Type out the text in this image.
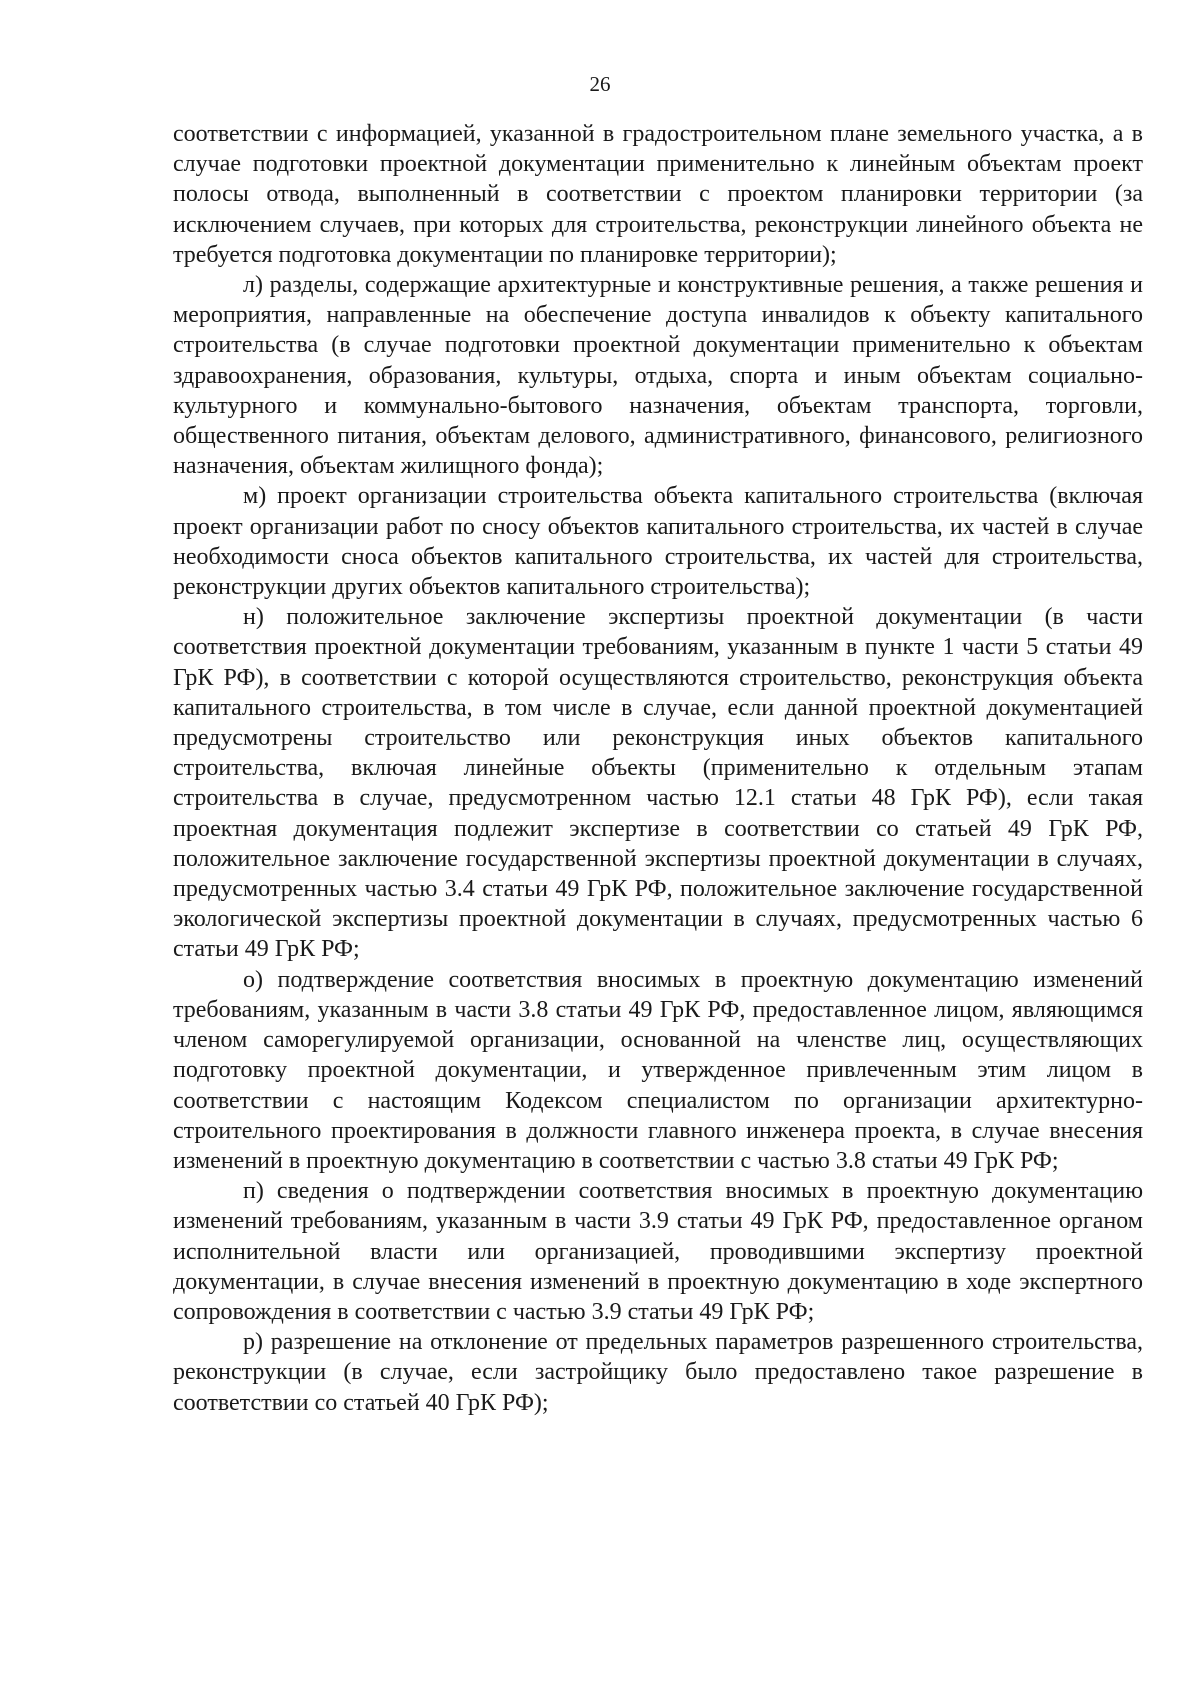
26

соответствии с информацией, указанной в градостроительном плане земельного участка, а в случае подготовки проектной документации применительно к линейным объектам проект полосы отвода, выполненный в соответствии с проектом планировки территории (за исключением случаев, при которых для строительства, реконструкции линейного объекта не требуется подготовка документации по планировке территории);

л) разделы, содержащие архитектурные и конструктивные решения, а также решения и мероприятия, направленные на обеспечение доступа инвалидов к объекту капитального строительства (в случае подготовки проектной документации применительно к объектам здравоохранения, образования, культуры, отдыха, спорта и иным объектам социально-культурного и коммунально-бытового назначения, объектам транспорта, торговли, общественного питания, объектам делового, административного, финансового, религиозного назначения, объектам жилищного фонда);

м) проект организации строительства объекта капитального строительства (включая проект организации работ по сносу объектов капитального строительства, их частей в случае необходимости сноса объектов капитального строительства, их частей для строительства, реконструкции других объектов капитального строительства);

н) положительное заключение экспертизы проектной документации (в части соответствия проектной документации требованиям, указанным в пункте 1 части 5 статьи 49 ГрК РФ), в соответствии с которой осуществляются строительство, реконструкция объекта капитального строительства, в том числе в случае, если данной проектной документацией предусмотрены строительство или реконструкция иных объектов капитального строительства, включая линейные объекты (применительно к отдельным этапам строительства в случае, предусмотренном частью 12.1 статьи 48 ГрК РФ), если такая проектная документация подлежит экспертизе в соответствии со статьей 49 ГрК РФ, положительное заключение государственной экспертизы проектной документации в случаях, предусмотренных частью 3.4 статьи 49 ГрК РФ, положительное заключение государственной экологической экспертизы проектной документации в случаях, предусмотренных частью 6 статьи 49 ГрК РФ;

о) подтверждение соответствия вносимых в проектную документацию изменений требованиям, указанным в части 3.8 статьи 49 ГрК РФ, предоставленное лицом, являющимся членом саморегулируемой организации, основанной на членстве лиц, осуществляющих подготовку проектной документации, и утвержденное привлеченным этим лицом в соответствии с настоящим Кодексом специалистом по организации архитектурно-строительного проектирования в должности главного инженера проекта, в случае внесения изменений в проектную документацию в соответствии с частью 3.8 статьи 49 ГрК РФ;

п) сведения о подтверждении соответствия вносимых в проектную документацию изменений требованиям, указанным в части 3.9 статьи 49 ГрК РФ, предоставленное органом исполнительной власти или организацией, проводившими экспертизу проектной документации, в случае внесения изменений в проектную документацию в ходе экспертного сопровождения в соответствии с частью 3.9 статьи 49 ГрК РФ;

р) разрешение на отклонение от предельных параметров разрешенного строительства, реконструкции (в случае, если застройщику было предоставлено такое разрешение в соответствии со статьей 40 ГрК РФ);
